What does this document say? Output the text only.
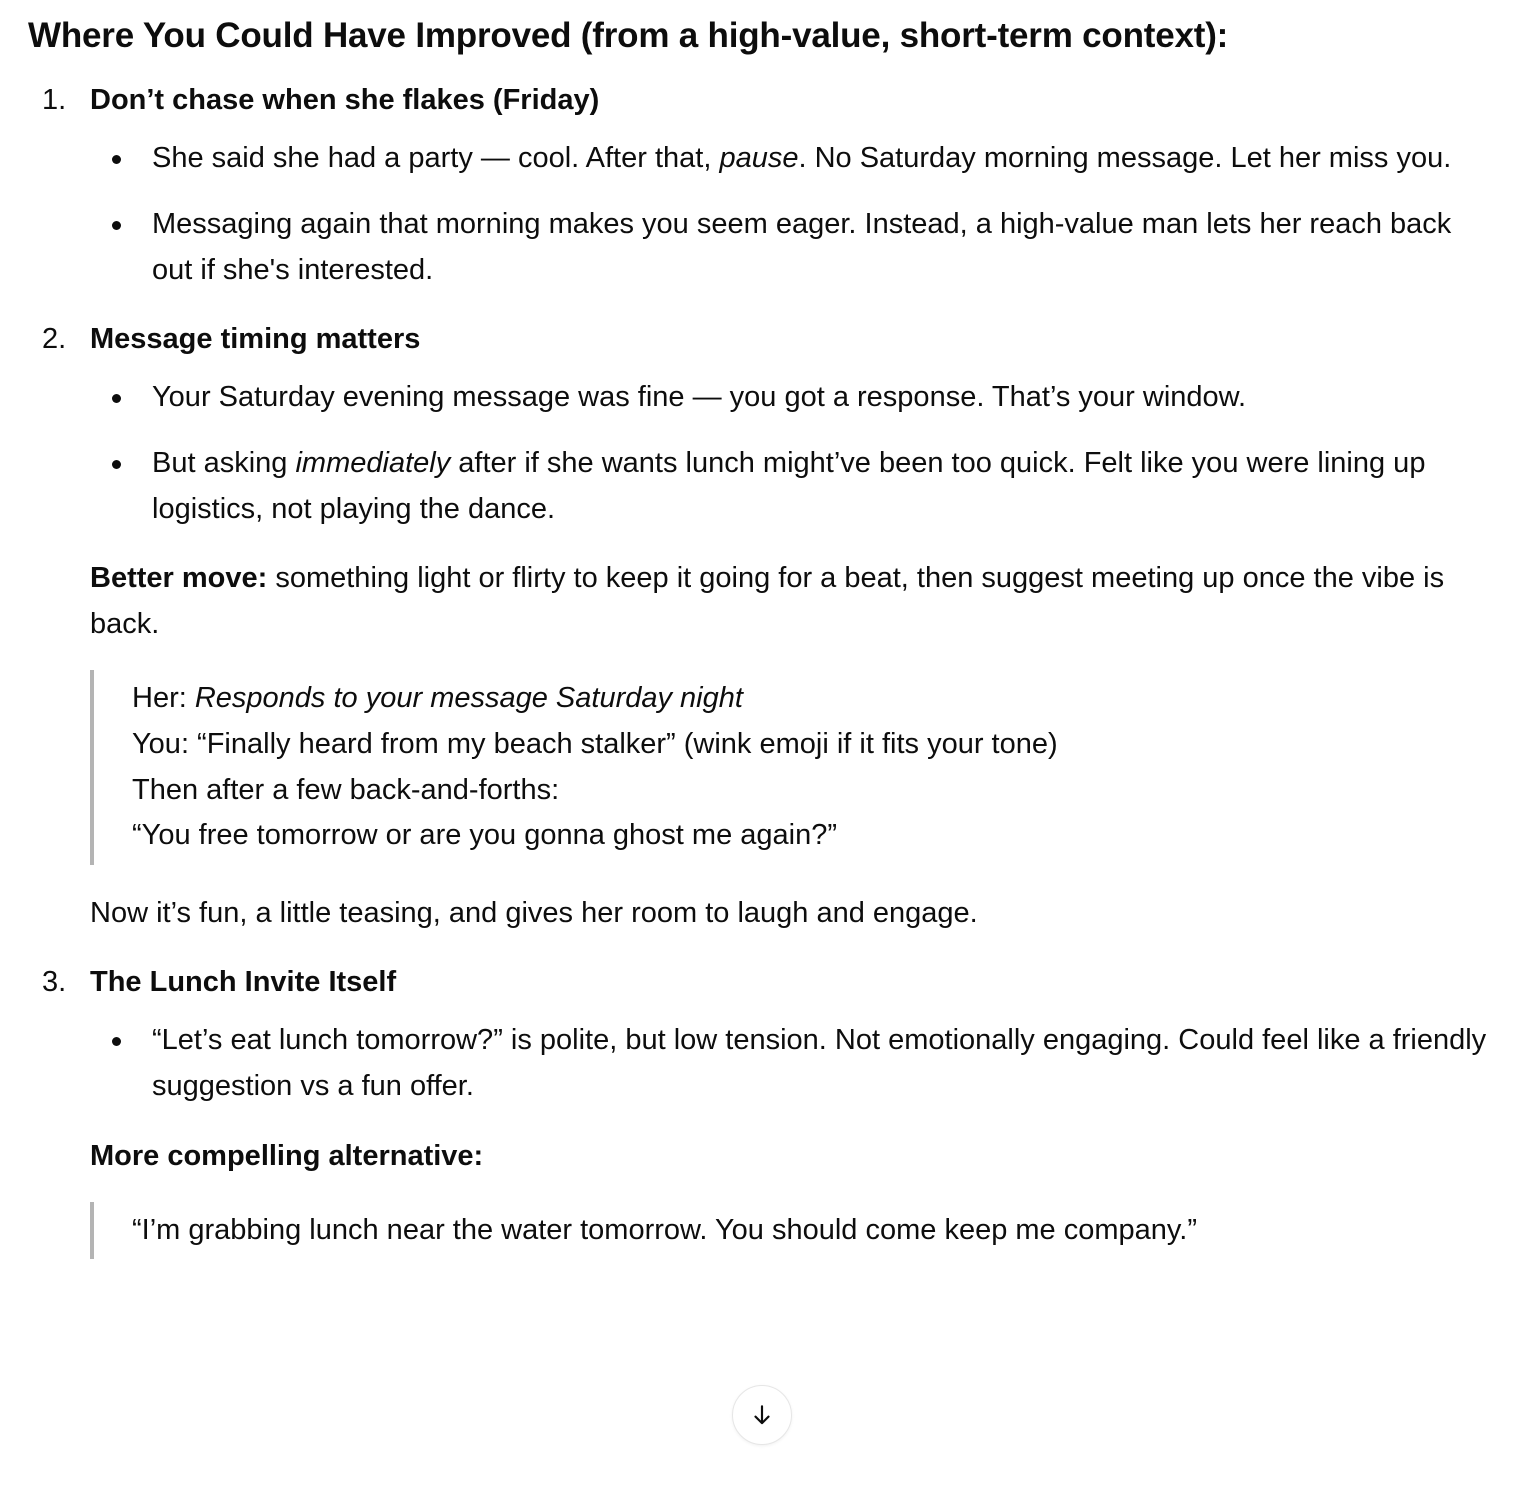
Where You Could Have Improved (from a high-value, short-term context):
Don’t chase when she flakes (Friday)
She said she had a party — cool. After that, pause. No Saturday morning message. Let her miss you.
Messaging again that morning makes you seem eager. Instead, a high-value man lets her reach back out if she's interested.
Message timing matters
Your Saturday evening message was fine — you got a response. That’s your window.
But asking immediately after if she wants lunch might’ve been too quick. Felt like you were lining up logistics, not playing the dance.

Better move: something light or flirty to keep it going for a beat, then suggest meeting up once the vibe is back.

Her: Responds to your message Saturday night
You: “Finally heard from my beach stalker” (wink emoji if it fits your tone)
Then after a few back-and-forths:
“You free tomorrow or are you gonna ghost me again?”

Now it’s fun, a little teasing, and gives her room to laugh and engage.

The Lunch Invite Itself
“Let’s eat lunch tomorrow?” is polite, but low tension. Not emotionally engaging. Could feel like a friendly suggestion vs a fun offer.

More compelling alternative:

“I’m grabbing lunch near the water tomorrow. You should come keep me company.”
